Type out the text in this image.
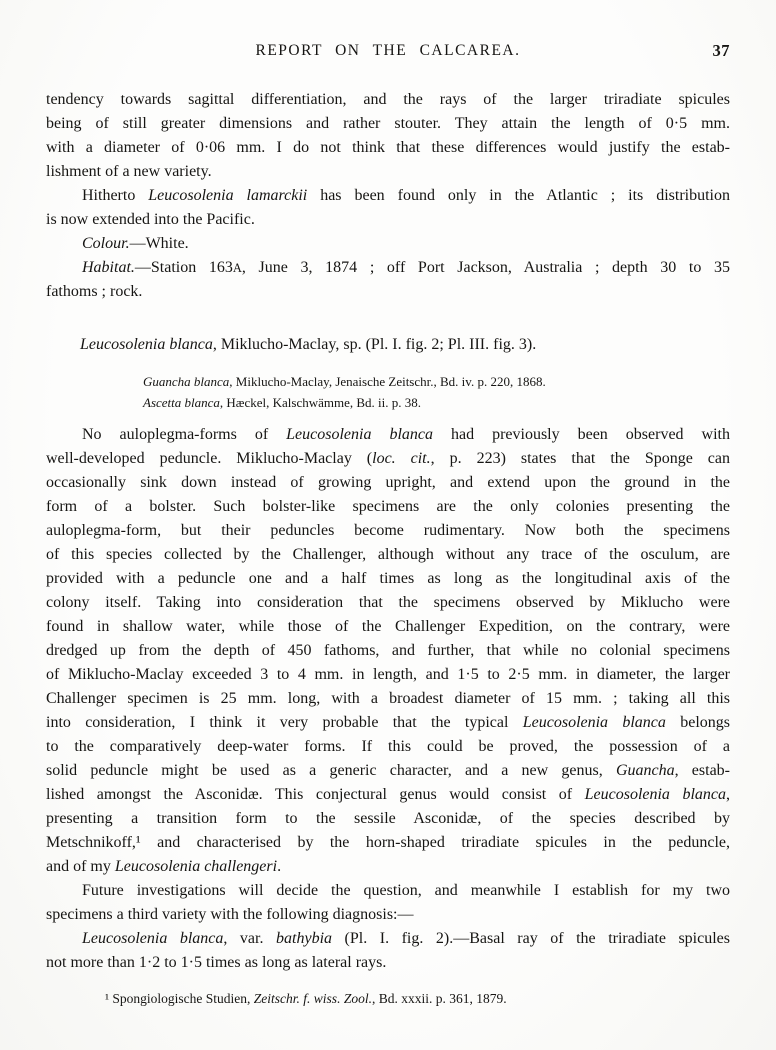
REPORT ON THE CALCAREA.	37
tendency towards sagittal differentiation, and the rays of the larger triradiate spicules
being of still greater dimensions and rather stouter. They attain the length of 0·5 mm.
with a diameter of 0·06 mm. I do not think that these differences would justify the estab-
lishment of a new variety.
Hitherto Leucosolenia lamarckii has been found only in the Atlantic ; its distribution
is now extended into the Pacific.
Colour.—White.
Habitat.—Station 163A, June 3, 1874 ; off Port Jackson, Australia ; depth 30 to 35
fathoms ; rock.
Leucosolenia blanca, Miklucho-Maclay, sp. (Pl. I. fig. 2; Pl. III. fig. 3).
Guancha blanca, Miklucho-Maclay, Jenaische Zeitschr., Bd. iv. p. 220, 1868.
Ascetta blanca, Hæckel, Kalschwämme, Bd. ii. p. 38.
No auloplegma-forms of Leucosolenia blanca had previously been observed with
well-developed peduncle. Miklucho-Maclay (loc. cit., p. 223) states that the Sponge can
occasionally sink down instead of growing upright, and extend upon the ground in the
form of a bolster. Such bolster-like specimens are the only colonies presenting the
auloplegma-form, but their peduncles become rudimentary. Now both the specimens
of this species collected by the Challenger, although without any trace of the osculum, are
provided with a peduncle one and a half times as long as the longitudinal axis of the
colony itself. Taking into consideration that the specimens observed by Miklucho were
found in shallow water, while those of the Challenger Expedition, on the contrary, were
dredged up from the depth of 450 fathoms, and further, that while no colonial specimens
of Miklucho-Maclay exceeded 3 to 4 mm. in length, and 1·5 to 2·5 mm. in diameter, the larger
Challenger specimen is 25 mm. long, with a broadest diameter of 15 mm. ; taking all this
into consideration, I think it very probable that the typical Leucosolenia blanca belongs
to the comparatively deep-water forms. If this could be proved, the possession of a
solid peduncle might be used as a generic character, and a new genus, Guancha, estab-
lished amongst the Asconidæ. This conjectural genus would consist of Leucosolenia blanca,
presenting a transition form to the sessile Asconidæ, of the species described by
Metschnikoff,¹ and characterised by the horn-shaped triradiate spicules in the peduncle,
and of my Leucosolenia challengeri.
Future investigations will decide the question, and meanwhile I establish for my two
specimens a third variety with the following diagnosis:—
Leucosolenia blanca, var. bathybia (Pl. I. fig. 2).—Basal ray of the triradiate spicules
not more than 1·2 to 1·5 times as long as lateral rays.
¹ Spongiologische Studien, Zeitschr. f. wiss. Zool., Bd. xxxii. p. 361, 1879.
